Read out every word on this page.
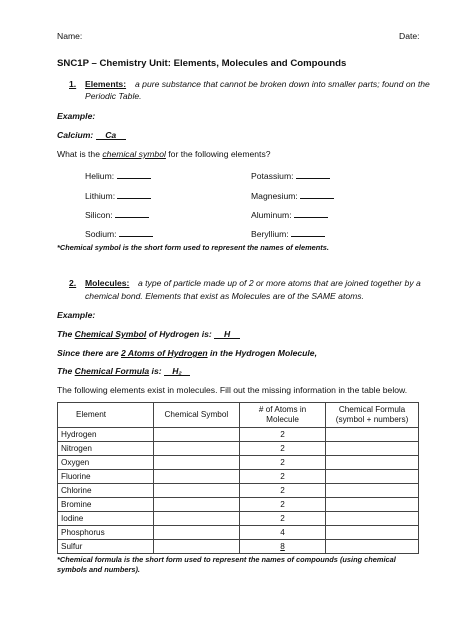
Name:	Date:
SNC1P – Chemistry Unit: Elements, Molecules and Compounds
1. Elements: a pure substance that cannot be broken down into smaller parts; found on the
Periodic Table.
Example:
Calcium: Ca
What is the chemical symbol for the following elements?
Helium:
Lithium:
Silicon:
Sodium:
Potassium:
Magnesium:
Aluminum:
Beryllium:
*Chemical symbol is the short form used to represent the names of elements.
2. Molecules: a type of particle made up of 2 or more atoms that are joined together by a
chemical bond. Elements that exist as Molecules are of the SAME atoms.
Example:
The Chemical Symbol of Hydrogen is: H
Since there are 2 Atoms of Hydrogen in the Hydrogen Molecule,
The Chemical Formula is: H₂
The following elements exist in molecules. Fill out the missing information in the table below.
Element	Chemical Symbol	# of Atoms in Molecule	Chemical Formula (symbol + numbers)
Hydrogen		2	
Nitrogen		2	
Oxygen		2	
Fluorine		2	
Chlorine		2	
Bromine		2	
Iodine		2	
Phosphorus		4	
Sulfur		8	
*Chemical formula is the short form used to represent the names of compounds (using chemical symbols and numbers).
